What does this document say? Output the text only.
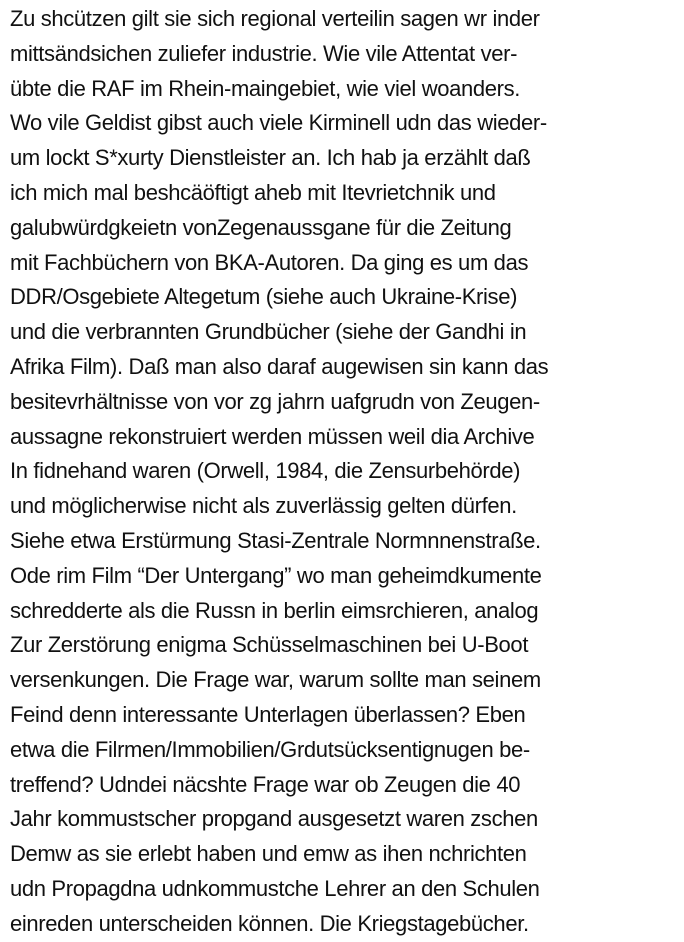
Zu shcützen gilt sie sich regional verteilin sagen wr inder
mittsändsichen zuliefer industrie. Wie vile Attentat ver-
übte die RAF im Rhein-maingebiet, wie viel woanders.
Wo vile Geldist gibst auch viele Kirminell udn das wieder-
um lockt S*xurty Dienstleister an. Ich hab ja erzählt daß
ich mich mal beshcäöftigt aheb mit Itevrietchnik und
galubwürdgkeietn vonZegenaussgane für die Zeitung
mit Fachbüchern von BKA-Autoren. Da ging es um das
DDR/Osgebiete Altegetum (siehe auch Ukraine-Krise)
und die verbrannten Grundbücher (siehe der Gandhi in
Afrika Film). Daß man also daraf augewisen sin kann das
besitevrhältnisse von vor zg jahrn uafgrudn von Zeugen-
aussagne rekonstruiert werden müssen weil dia Archive
In fidnehand waren (Orwell, 1984, die Zensurbehörde)
und möglicherwise nicht als zuverlässig gelten dürfen.
Siehe etwa Erstürmung Stasi-Zentrale Normnnenstraße.
Ode rim Film “Der Untergang” wo man geheimdkumente
schredderte als die Russn in berlin eimsrchieren, analog
Zur Zerstörung enigma Schüsselmaschinen bei U-Boot
versenkungen. Die Frage war, warum sollte man seinem
Feind denn interessante Unterlagen überlassen? Eben
etwa die Filrmen/Immobilien/Grdutsücksentignugen be-
treffend? Udndei näcshte Frage war ob Zeugen die 40
Jahr kommustscher propgand ausgesetzt waren zschen
Demw as sie erlebt haben und emw as ihen nchrichten
udn Propagdna udnkommustche Lehrer an den Schulen
einreden unterscheiden können. Die Kriegstagebücher.
